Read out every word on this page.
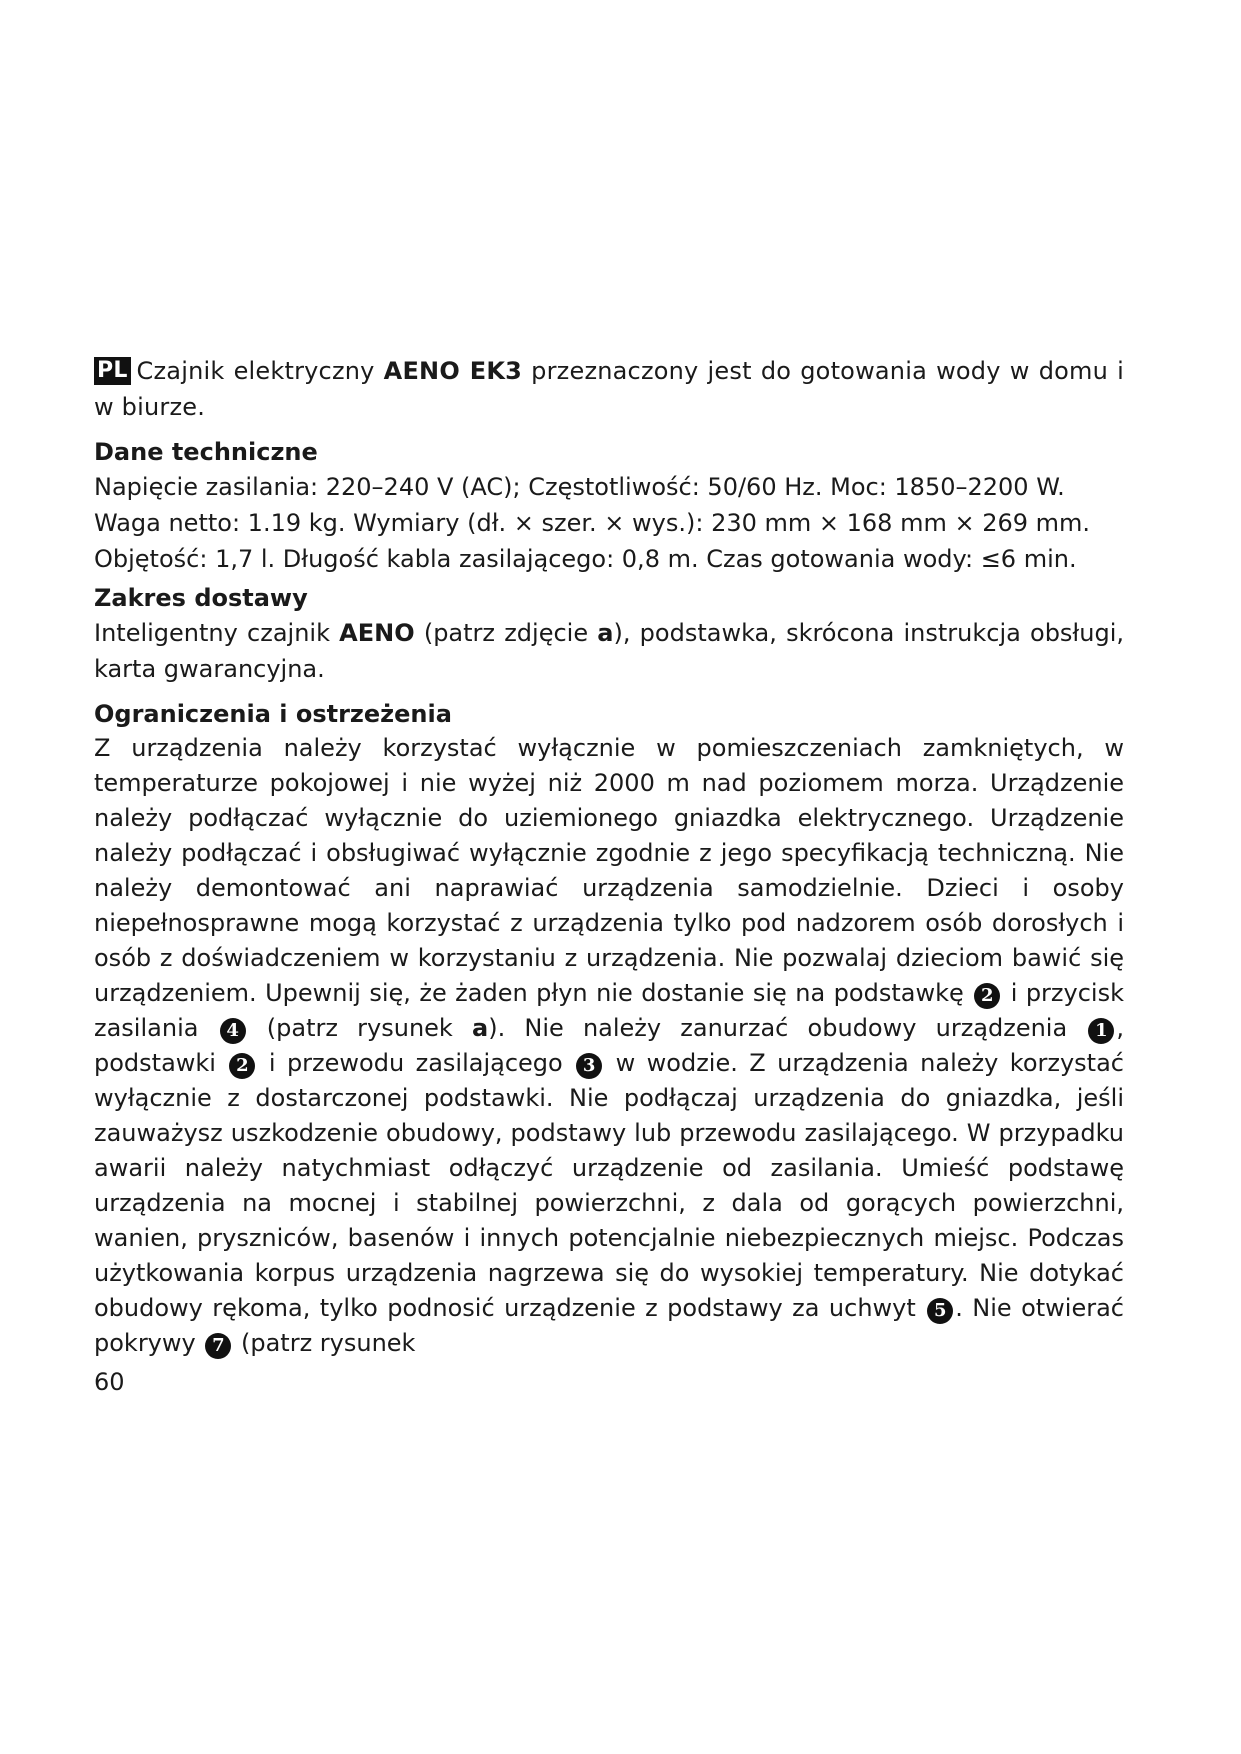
PL Czajnik elektryczny AENO EK3 przeznaczony jest do gotowania wody w domu i w biurze.

Dane techniczne

Napięcie zasilania: 220–240 V (AC); Częstotliwość: 50/60 Hz. Moc: 1850–2200 W.
Waga netto: 1.19 kg. Wymiary (dł. × szer. × wys.): 230 mm × 168 mm × 269 mm.
Objętość: 1,7 l. Długość kabla zasilającego: 0,8 m. Czas gotowania wody: ≤6 min.

Zakres dostawy

Inteligentny czajnik AENO (patrz zdjęcie a), podstawka, skrócona instrukcja obsługi, karta gwarancyjna.

Ograniczenia i ostrzeżenia

Z urządzenia należy korzystać wyłącznie w pomieszczeniach zamkniętych, w temperaturze pokojowej i nie wyżej niż 2000 m nad poziomem morza. Urządzenie należy podłączać wyłącznie do uziemionego gniazdka elektrycznego. Urządzenie należy podłączać i obsługiwać wyłącznie zgodnie z jego specyfikacją techniczną. Nie należy demontować ani naprawiać urządzenia samodzielnie. Dzieci i osoby niepełnosprawne mogą korzystać z urządzenia tylko pod nadzorem osób dorosłych i osób z doświadczeniem w korzystaniu z urządzenia. Nie pozwalaj dzieciom bawić się urządzeniem. Upewnij się, że żaden płyn nie dostanie się na podstawkę 2 i przycisk zasilania 4 (patrz rysunek a). Nie należy zanurzać obudowy urządzenia 1 , podstawki 2 i przewodu zasilającego 3 w wodzie. Z urządzenia należy korzystać wyłącznie z dostarczonej podstawki. Nie podłączaj urządzenia do gniazdka, jeśli zauważysz uszkodzenie obudowy, podstawy lub przewodu zasilającego. W przypadku awarii należy natychmiast odłączyć urządzenie od zasilania. Umieść podstawę urządzenia na mocnej i stabilnej powierzchni, z dala od gorących powierzchni, wanien, pryszniców, basenów i innych potencjalnie niebezpiecznych miejsc. Podczas użytkowania korpus urządzenia nagrzewa się do wysokiej temperatury. Nie dotykać obudowy rękoma, tylko podnosić urządzenie z podstawy za uchwyt 5 . Nie otwierać pokrywy 7 (patrz rysunek

60
